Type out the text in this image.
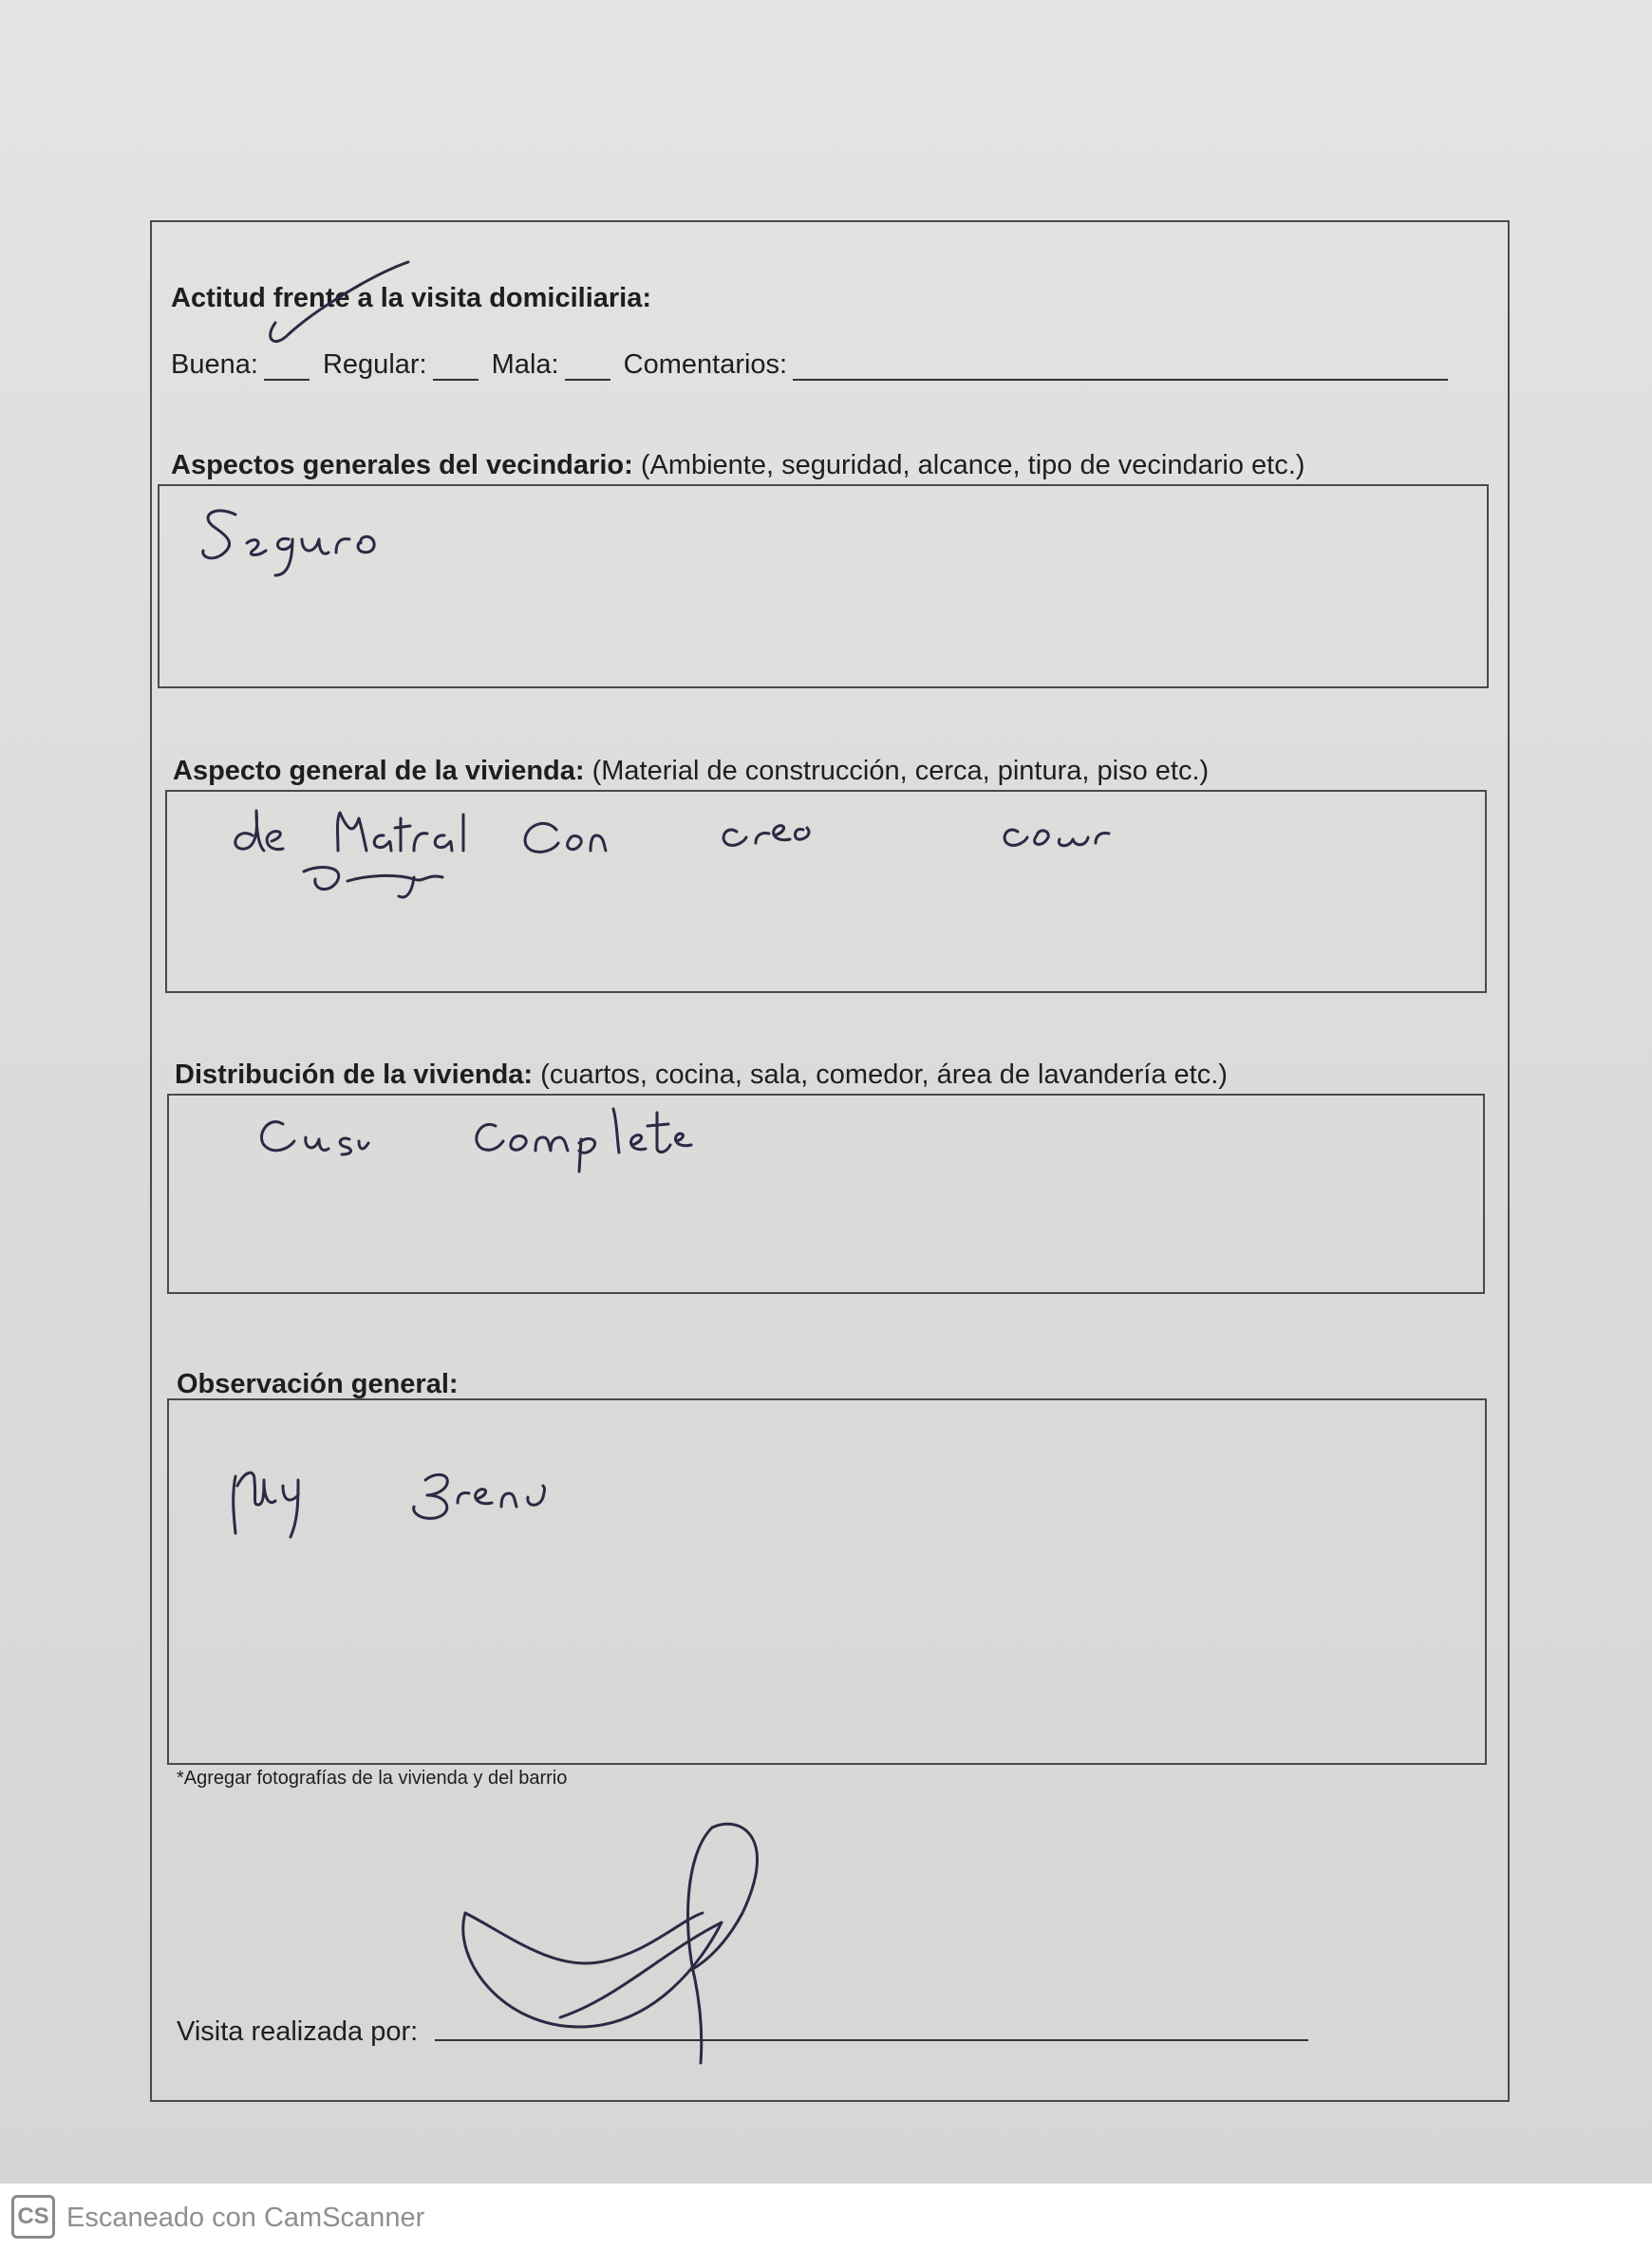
Actitud frente a la visita domiciliaria:
Buena: Regular: Mala: Comentarios:
Aspectos generales del vecindario: (Ambiente, seguridad, alcance, tipo de vecindario etc.)
Aspecto general de la vivienda: (Material de construcción, cerca, pintura, piso etc.)
Distribución de la vivienda: (cuartos, cocina, sala, comedor, área de lavandería etc.)
Observación general:
*Agregar fotografías de la vivienda y del barrio
Visita realizada por:
CS Escaneado con CamScanner
